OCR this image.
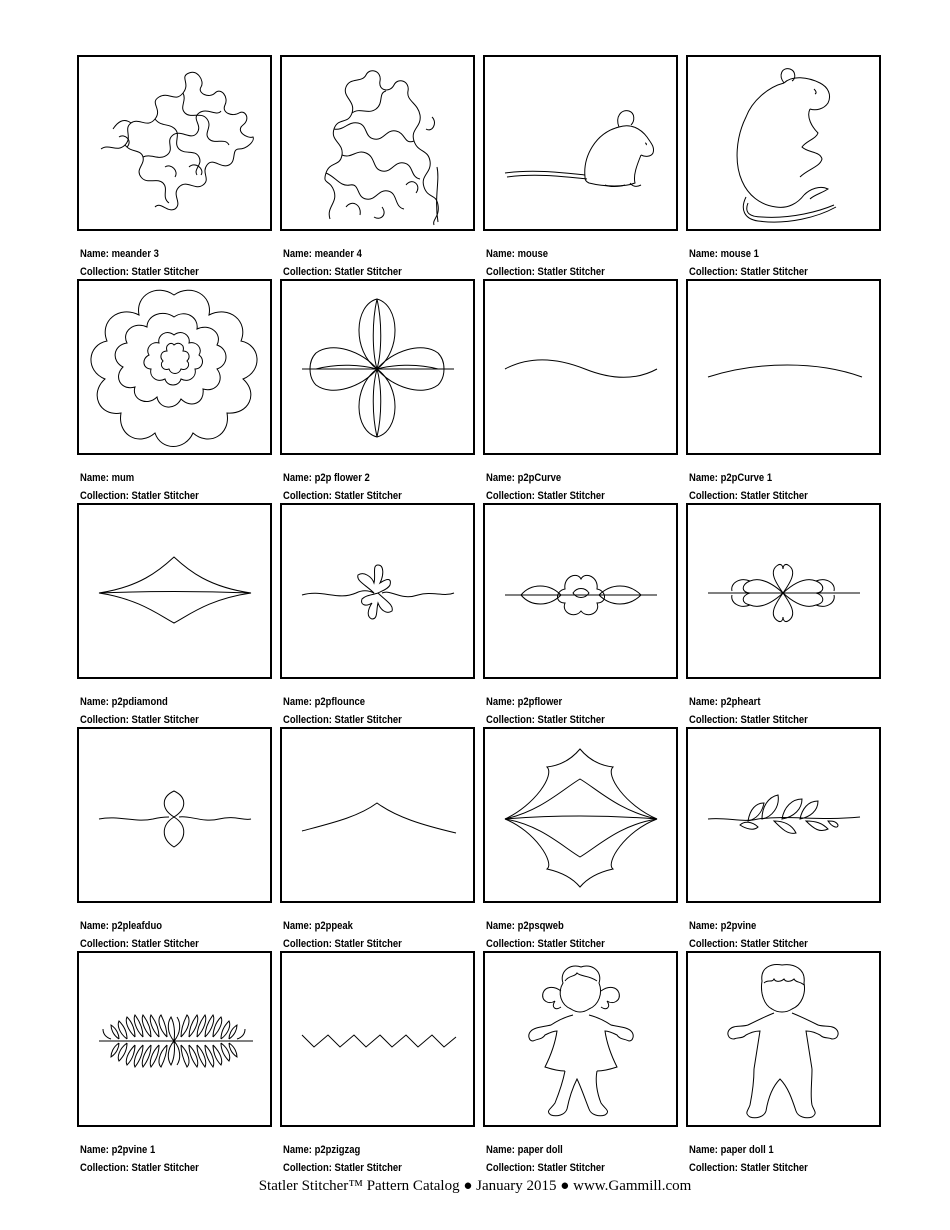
Name: meander 3
Collection: Statler Stitcher
Name: meander 4
Collection: Statler Stitcher
Name: mouse
Collection: Statler Stitcher
Name: mouse 1
Collection: Statler Stitcher
Name: mum
Collection: Statler Stitcher
Name: p2p flower 2
Collection: Statler Stitcher
Name: p2pCurve
Collection: Statler Stitcher
Name: p2pCurve 1
Collection: Statler Stitcher
Name: p2pdiamond
Collection: Statler Stitcher
Name: p2pflounce
Collection: Statler Stitcher
Name: p2pflower
Collection: Statler Stitcher
Name: p2pheart
Collection: Statler Stitcher
Name: p2pleafduo
Collection: Statler Stitcher
Name: p2ppeak
Collection: Statler Stitcher
Name: p2psqweb
Collection: Statler Stitcher
Name: p2pvine
Collection: Statler Stitcher
Name: p2pvine 1
Collection: Statler Stitcher
Name: p2pzigzag
Collection: Statler Stitcher
Name: paper doll
Collection: Statler Stitcher
Name: paper doll 1
Collection: Statler Stitcher
Statler Stitcher™ Pattern Catalog ● January 2015 ● www.Gammill.com
